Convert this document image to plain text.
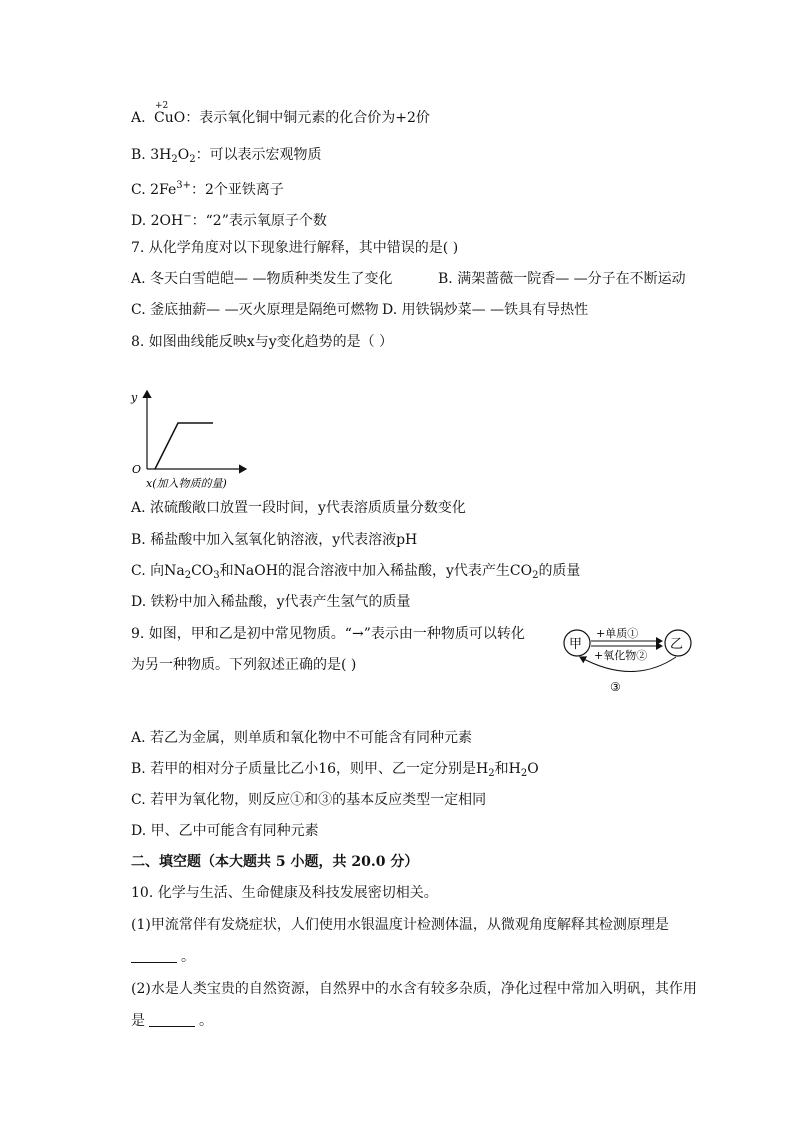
A.
+2
CuO：表示氧化铜中铜元素的化合价为+2价
B. $3H_2O_2$：可以表示宏观物质
C. $2Fe^{3+}$：2个亚铁离子
D. 2OH−：“2”表示氧原子个数
7. 从化学角度对以下现象进行解释，其中错误的是( )
A. 冬天白雪皑皑— —物质种类发生了变化	B. 满架蔷薇一院香— —分子在不断运动
C. 釜底抽薪— —灭火原理是隔绝可燃物 D. 用铁锅炒菜— —铁具有导热性
8. 如图曲线能反映x与y变化趋势的是（ ）
y
O
x(加入物质的量)
A. 浓硫酸敞口放置一段时间，y代表溶质质量分数变化
B. 稀盐酸中加入氢氧化钠溶液，y代表溶液pH
C. 向$Na_2CO_3$和NaOH的混合溶液中加入稀盐酸，y代表产生$CO_2$的质量
D. 铁粉中加入稀盐酸，y代表产生氢气的质量
9. 如图，甲和乙是初中常见物质。“→”表示由一种物质可以转化
为另一种物质。下列叙述正确的是( )
甲	乙
+单质①
+氧化物②
③
A. 若乙为金属，则单质和氧化物中不可能含有同种元素
B. 若甲的相对分子质量比乙小16，则甲、乙一定分别是$H_2$和$H_2O$
C. 若甲为氧化物，则反应①和③的基本反应类型一定相同
D. 甲、乙中可能含有同种元素
二、填空题（本大题共 5 小题，共 20.0 分）
10. 化学与生活、生命健康及科技发展密切相关。
(1)甲流常伴有发烧症状，人们使用水银温度计检测体温，从微观角度解释其检测原理是
。
(2)水是人类宝贵的自然资源，自然界中的水含有较多杂质，净化过程中常加入明矾，其作用
是	。
